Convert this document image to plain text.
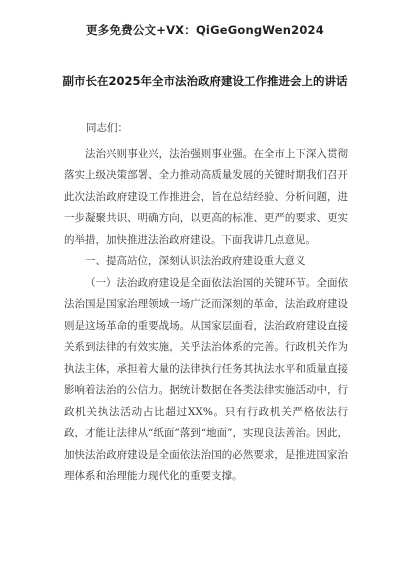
更多免费公文+VX：QiGeGongWen2024
副市长在2025年全市法治政府建设工作推进会上的讲话

同志们：

法治兴则事业兴，法治强则事业强。在全市上下深入贯彻落实上级决策部署、全力推动高质量发展的关键时期我们召开此次法治政府建设工作推进会，旨在总结经验、分析问题，进一步凝聚共识、明确方向，以更高的标准、更严的要求、更实的举措，加快推进法治政府建设。下面我讲几点意见。

一、提高站位，深刻认识法治政府建设重大意义

（一）法治政府建设是全面依法治国的关键环节。全面依法治国是国家治理领域一场广泛而深刻的革命，法治政府建设则是这场革命的重要战场。从国家层面看，法治政府建设直接关系到法律的有效实施，关乎法治体系的完善。行政机关作为执法主体，承担着大量的法律执行任务其执法水平和质量直接影响着法治的公信力。据统计数据在各类法律实施活动中，行政机关执法活动占比超过XX%。只有行政机关严格依法行政，才能让法律从“纸面”落到“地面”，实现良法善治。因此，加快法治政府建设是全面依法治国的必然要求，是推进国家治理体系和治理能力现代化的重要支撑。
